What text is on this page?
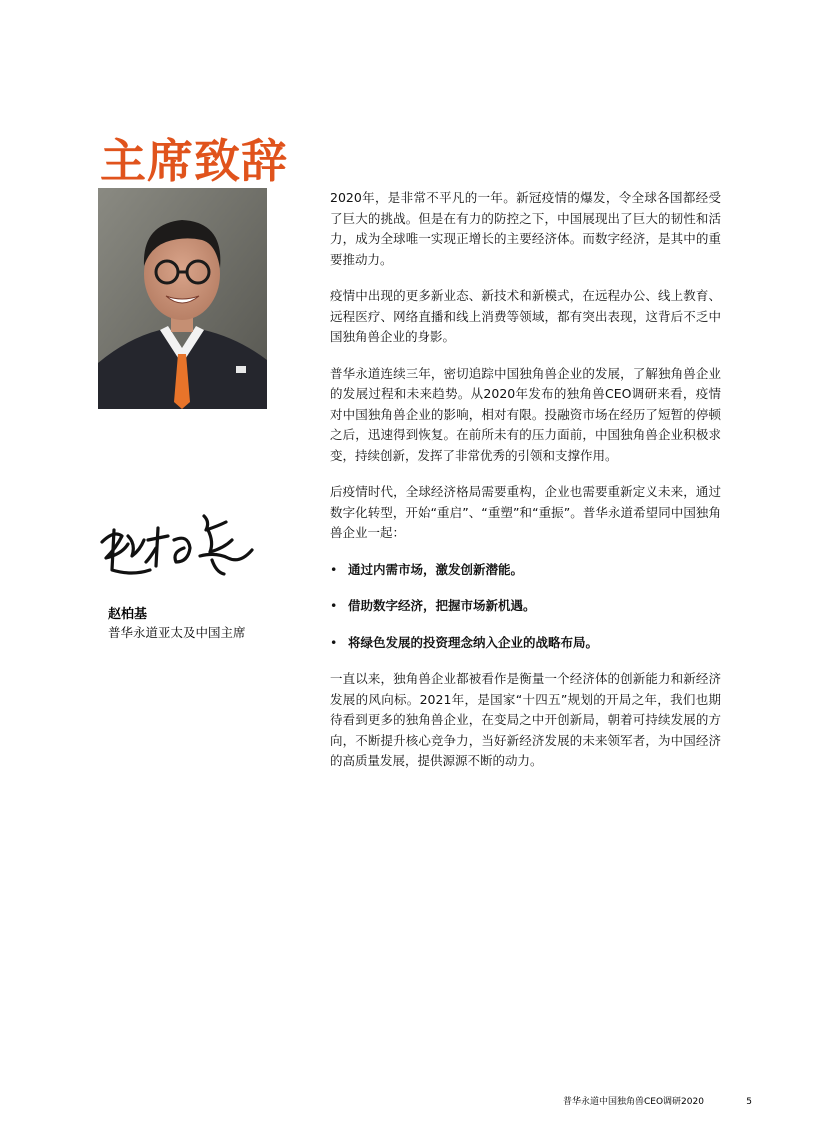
主席致辞
赵柏基
普华永道亚太及中国主席

2020年，是非常不平凡的一年。新冠疫情的爆发，令全球各国都经受了巨大的挑战。但是在有力的防控之下，中国展现出了巨大的韧性和活力，成为全球唯一实现正增长的主要经济体。而数字经济，是其中的重要推动力。

疫情中出现的更多新业态、新技术和新模式，在远程办公、线上教育、远程医疗、网络直播和线上消费等领域，都有突出表现，这背后不乏中国独角兽企业的身影。

普华永道连续三年，密切追踪中国独角兽企业的发展，了解独角兽企业的发展过程和未来趋势。从2020年发布的独角兽CEO调研来看，疫情对中国独角兽企业的影响，相对有限。投融资市场在经历了短暂的停顿之后，迅速得到恢复。在前所未有的压力面前，中国独角兽企业积极求变，持续创新，发挥了非常优秀的引领和支撑作用。

后疫情时代，全球经济格局需要重构，企业也需要重新定义未来，通过数字化转型，开始“重启”、“重塑”和“重振”。普华永道希望同中国独角兽企业一起：

• 通过内需市场，激发创新潜能。
• 借助数字经济，把握市场新机遇。
• 将绿色发展的投资理念纳入企业的战略布局。

一直以来，独角兽企业都被看作是衡量一个经济体的创新能力和新经济发展的风向标。2021年，是国家“十四五”规划的开局之年，我们也期待看到更多的独角兽企业，在变局之中开创新局，朝着可持续发展的方向，不断提升核心竞争力，当好新经济发展的未来领军者，为中国经济的高质量发展，提供源源不断的动力。

普华永道中国独角兽CEO调研2020	5
